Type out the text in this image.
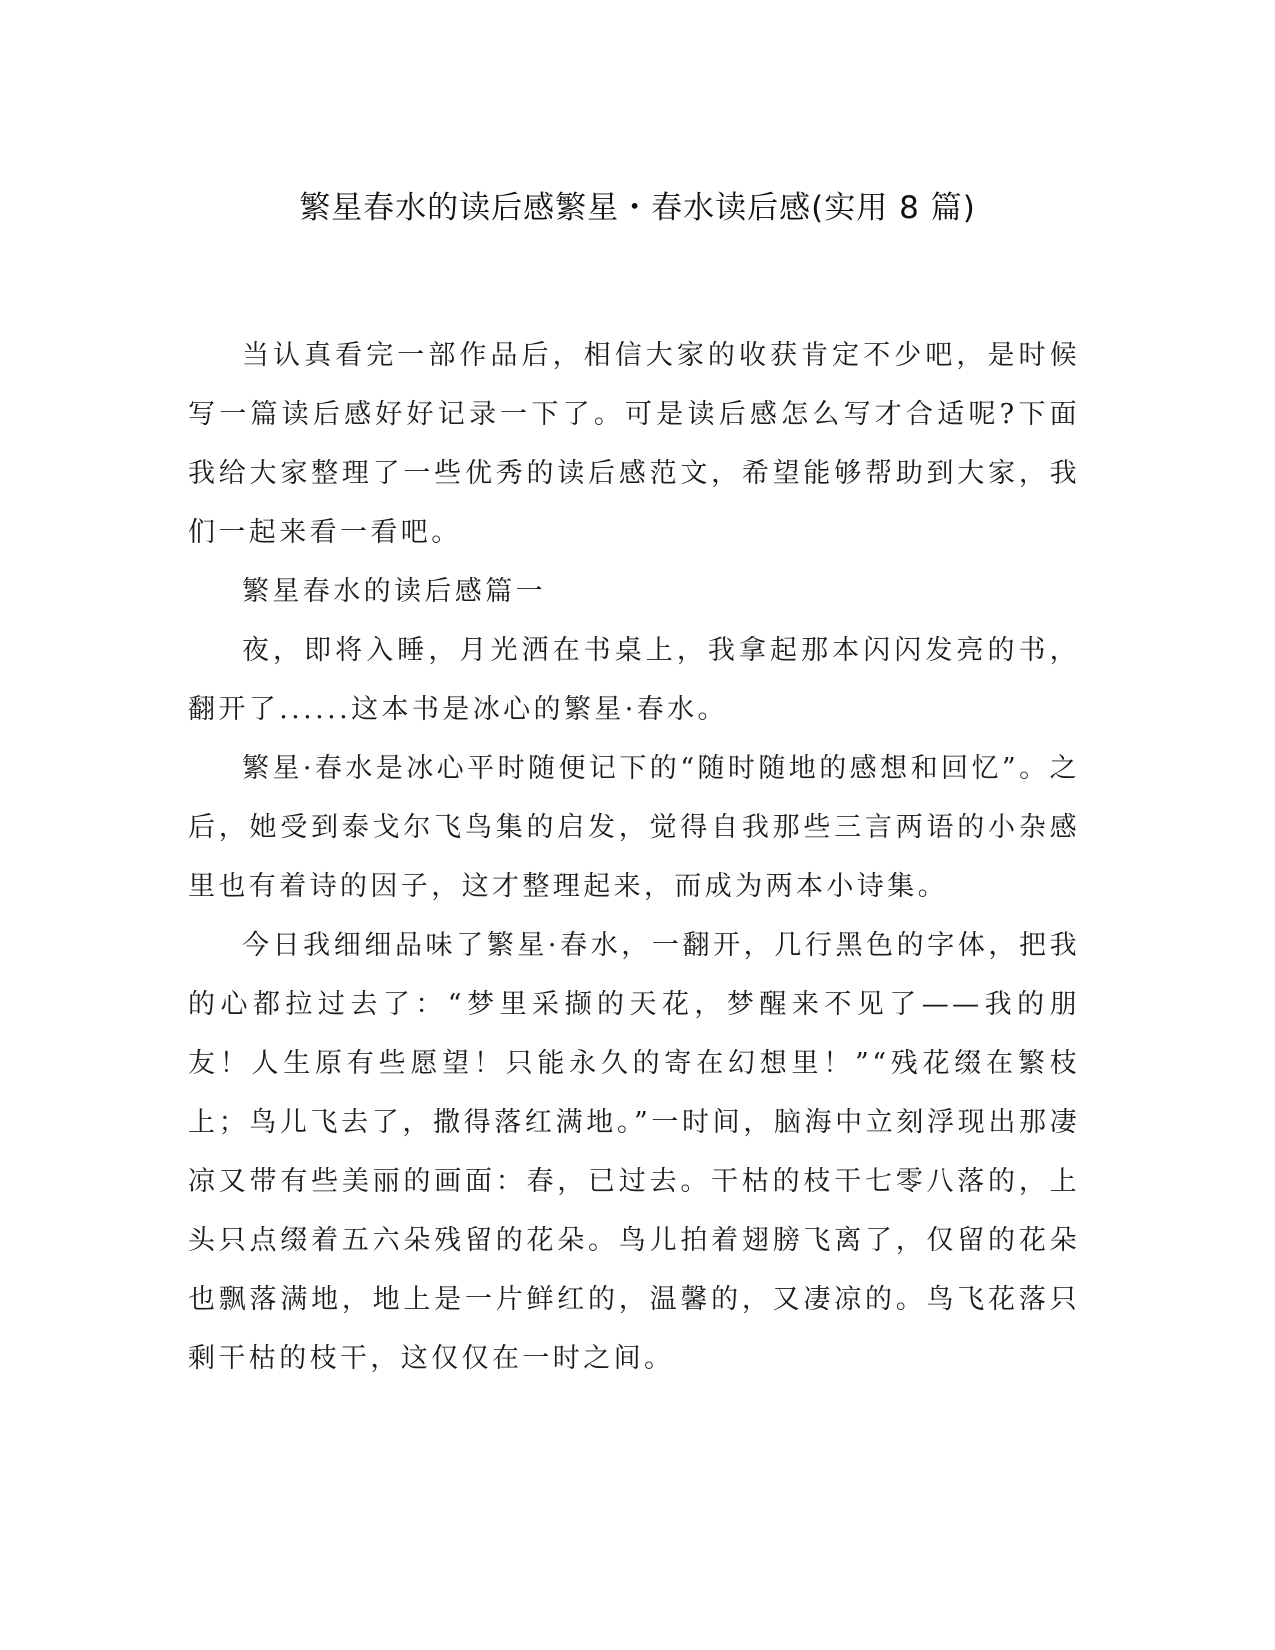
繁星春水的读后感繁星・春水读后感(实用 8 篇)

当认真看完一部作品后，相信大家的收获肯定不少吧，是时候写一篇读后感好好记录一下了。可是读后感怎么写才合适呢?下面我给大家整理了一些优秀的读后感范文，希望能够帮助到大家，我们一起来看一看吧。

繁星春水的读后感篇一

夜，即将入睡，月光洒在书桌上，我拿起那本闪闪发亮的书，翻开了......这本书是冰心的繁星·春水。

繁星·春水是冰心平时随便记下的“随时随地的感想和回忆”。之后，她受到泰戈尔飞鸟集的启发，觉得自我那些三言两语的小杂感里也有着诗的因子，这才整理起来，而成为两本小诗集。

今日我细细品味了繁星·春水，一翻开，几行黑色的字体，把我的心都拉过去了：“梦里采撷的天花，梦醒来不见了——我的朋友！人生原有些愿望！只能永久的寄在幻想里！”“残花缀在繁枝上；鸟儿飞去了，撒得落红满地。”一时间，脑海中立刻浮现出那凄凉又带有些美丽的画面：春，已过去。干枯的枝干七零八落的，上头只点缀着五六朵残留的花朵。鸟儿拍着翅膀飞离了，仅留的花朵也飘落满地，地上是一片鲜红的，温馨的，又凄凉的。鸟飞花落只剩干枯的枝干，这仅仅在一时之间。
